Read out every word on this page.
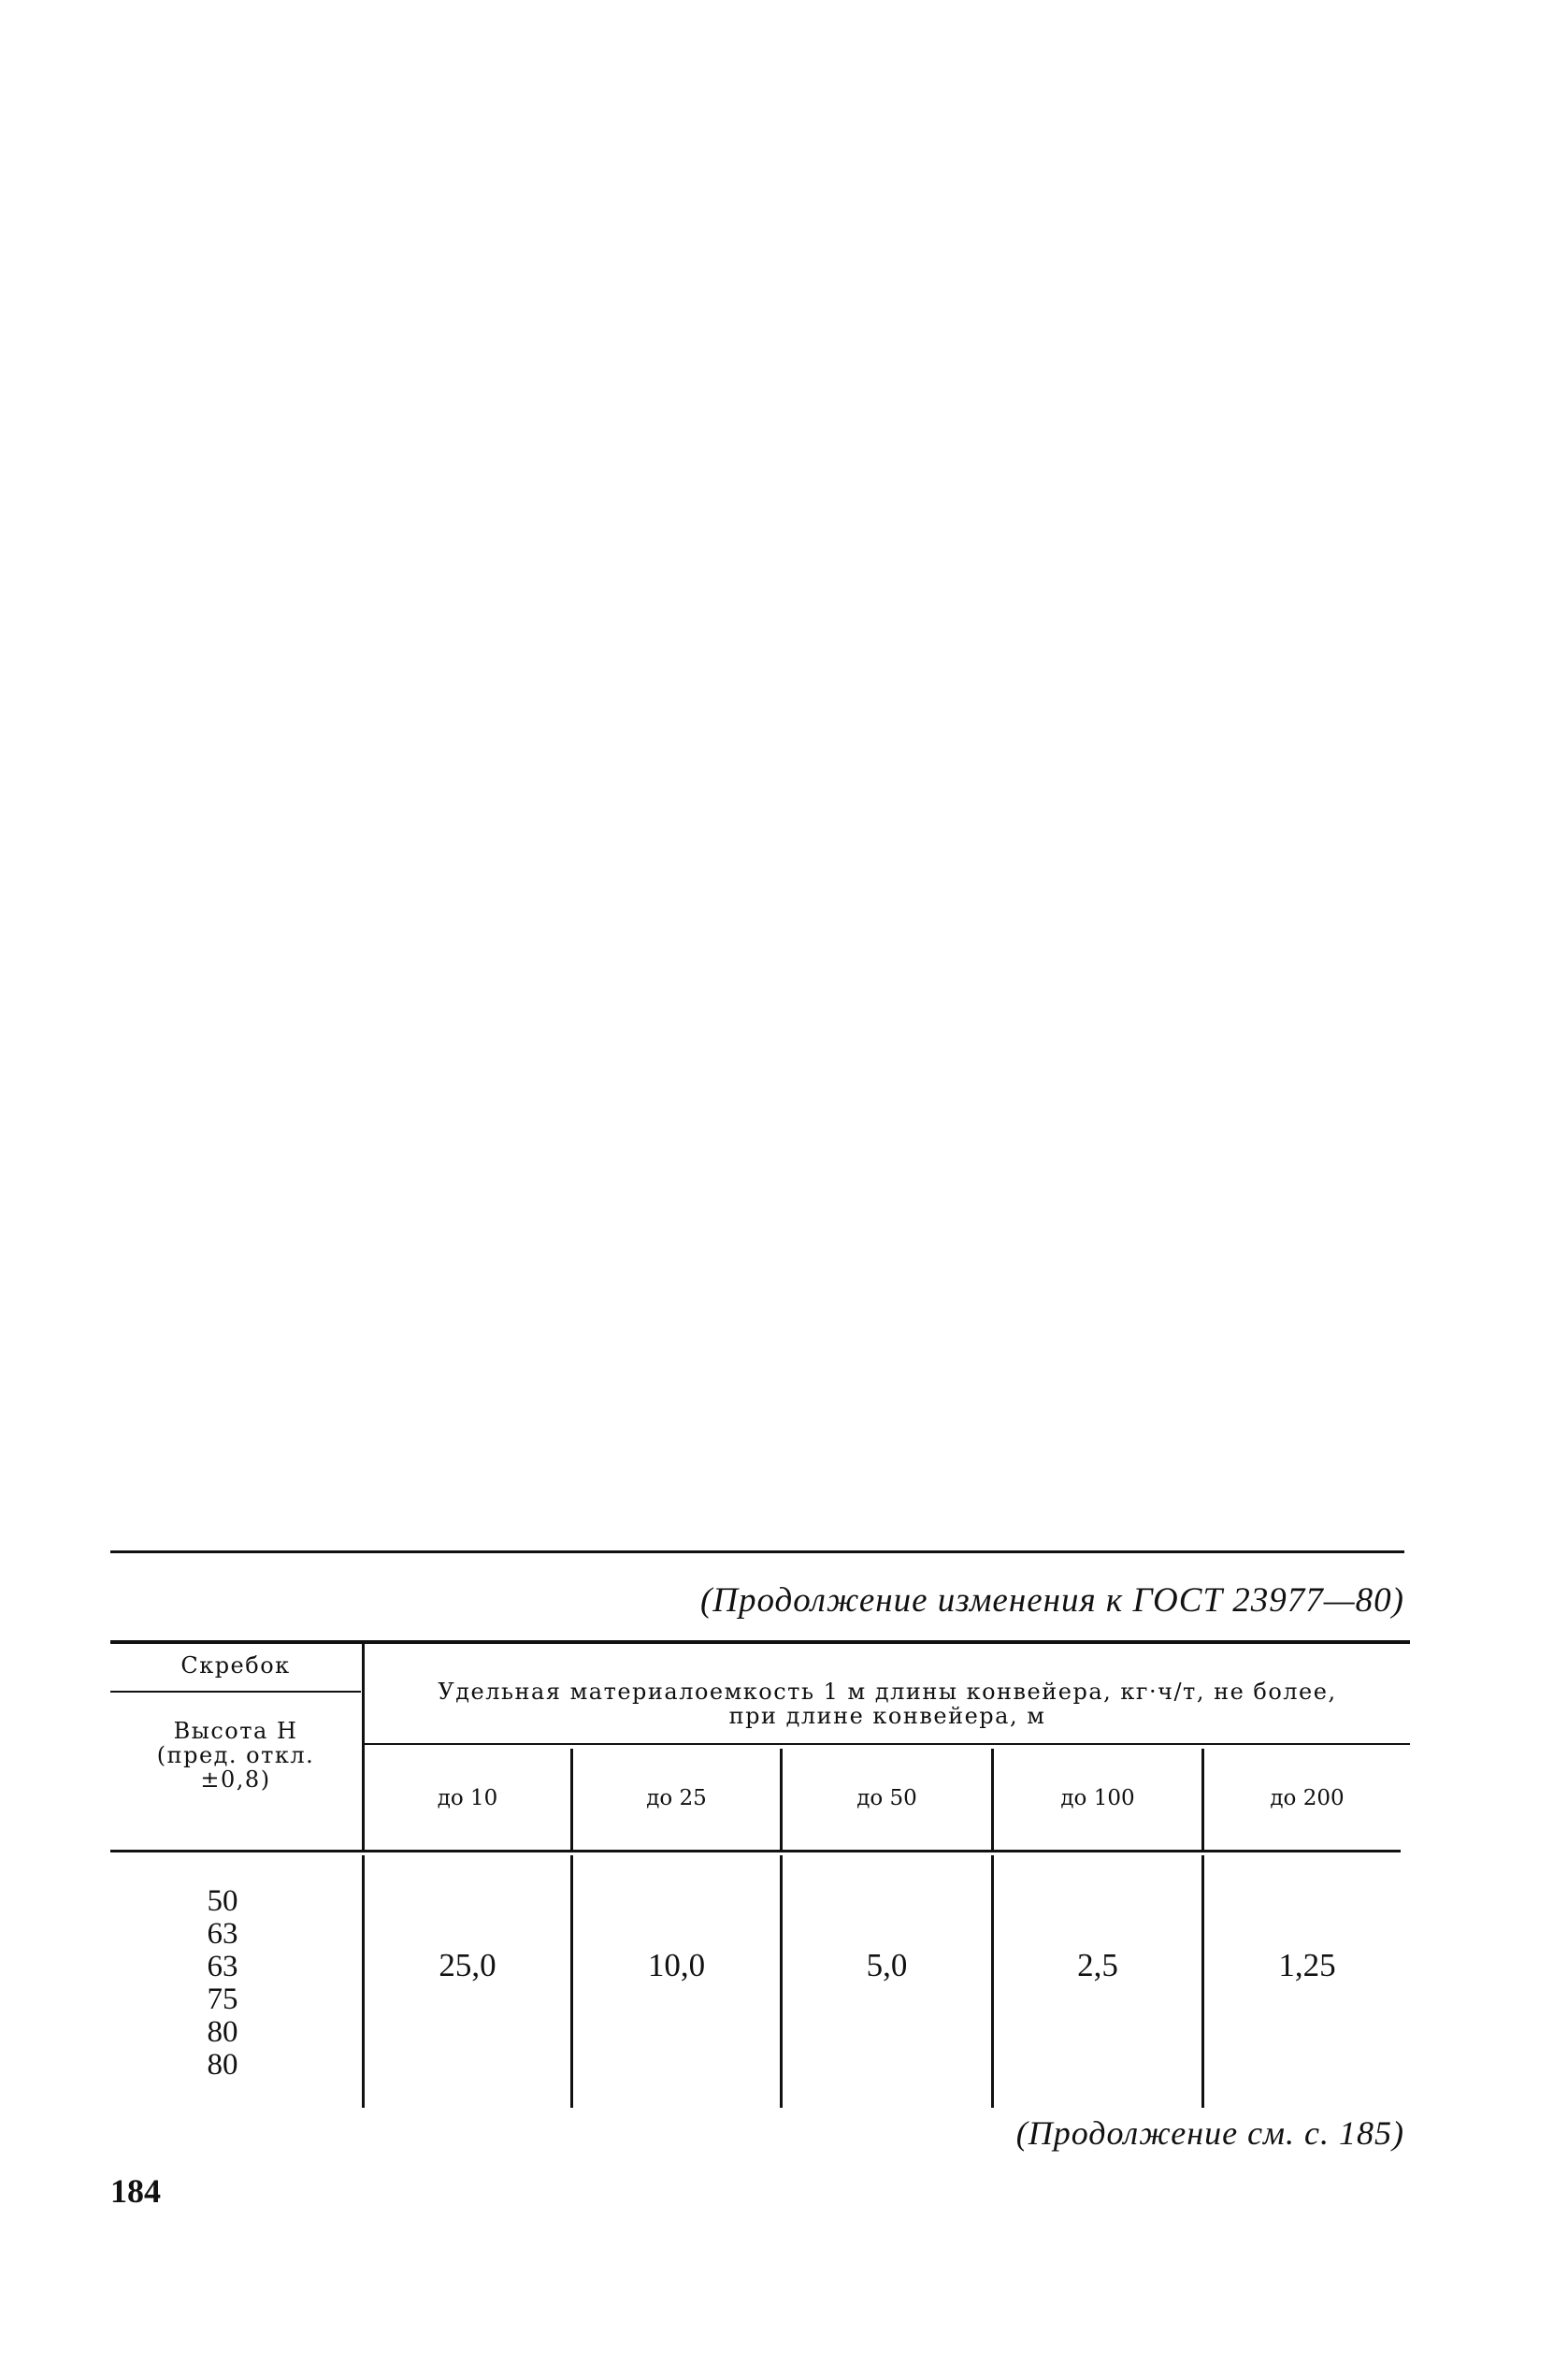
(Продолжение изменения к ГОСТ 23977—80)
Скребок
Высота Н
(пред. откл.
±0,8)
Удельная материалоемкость 1 м длины конвейера, кг·ч/т, не более,
при длине конвейера, м
до 10	до 25	до 50	до 100	до 200
50
63
63
75
80
80
25,0	10,0	5,0	2,5	1,25
(Продолжение см. с. 185)
184
